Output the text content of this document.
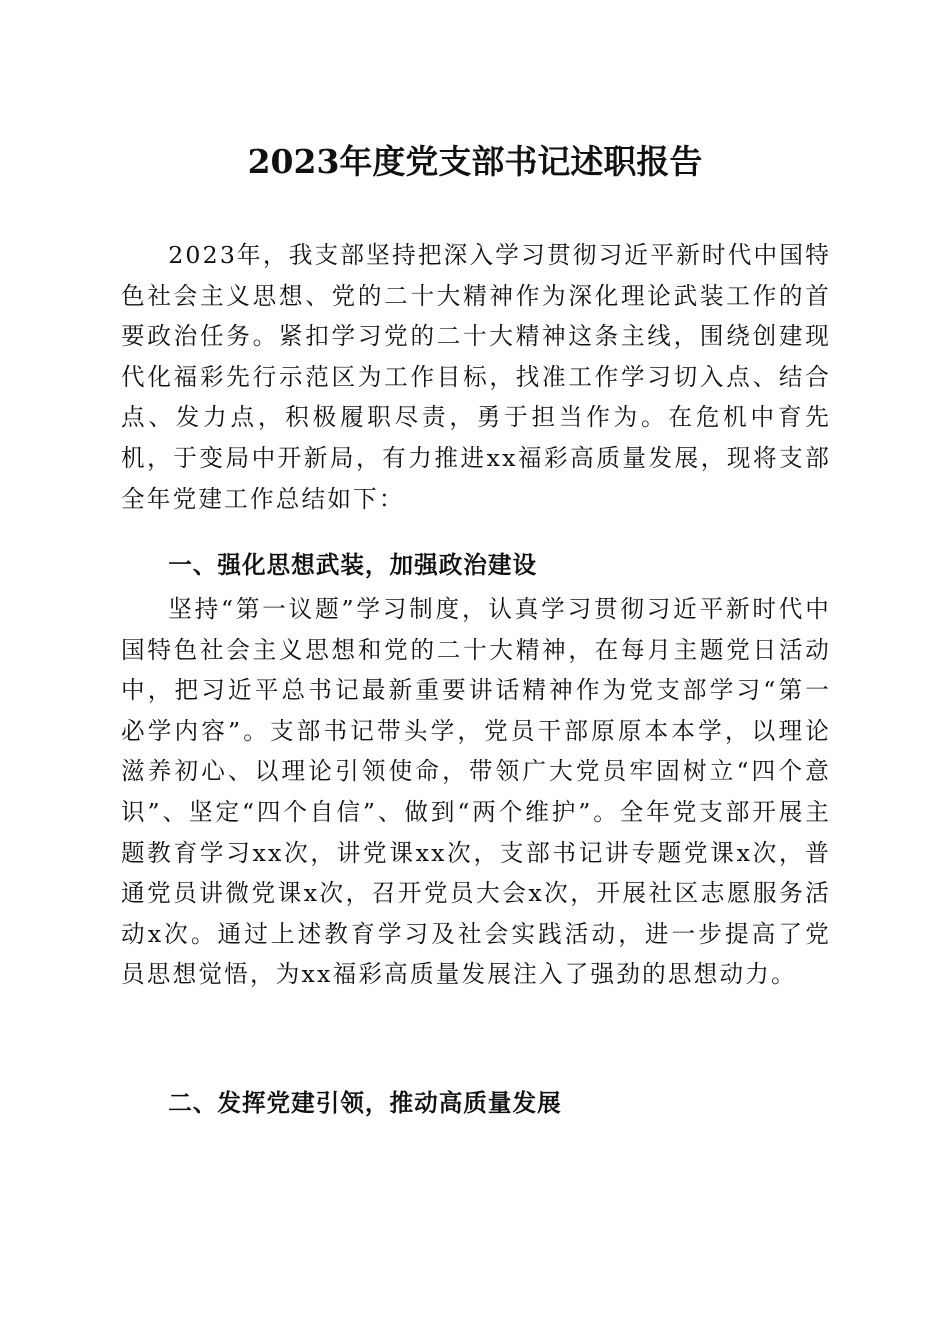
2023年度党支部书记述职报告

2023年，我支部坚持把深入学习贯彻习近平新时代中国特色社会主义思想、党的二十大精神作为深化理论武装工作的首要政治任务。紧扣学习党的二十大精神这条主线，围绕创建现代化福彩先行示范区为工作目标，找准工作学习切入点、结合点、发力点，积极履职尽责，勇于担当作为。在危机中育先机，于变局中开新局，有力推进xx福彩高质量发展，现将支部全年党建工作总结如下：

一、强化思想武装，加强政治建设

坚持“第一议题”学习制度，认真学习贯彻习近平新时代中国特色社会主义思想和党的二十大精神，在每月主题党日活动中，把习近平总书记最新重要讲话精神作为党支部学习“第一必学内容”。支部书记带头学，党员干部原原本本学，以理论滋养初心、以理论引领使命，带领广大党员牢固树立“四个意识”、坚定“四个自信”、做到“两个维护”。全年党支部开展主题教育学习xx次，讲党课xx次，支部书记讲专题党课x次，普通党员讲微党课x次，召开党员大会x次，开展社区志愿服务活动x次。通过上述教育学习及社会实践活动，进一步提高了党员思想觉悟，为xx福彩高质量发展注入了强劲的思想动力。

二、发挥党建引领，推动高质量发展
